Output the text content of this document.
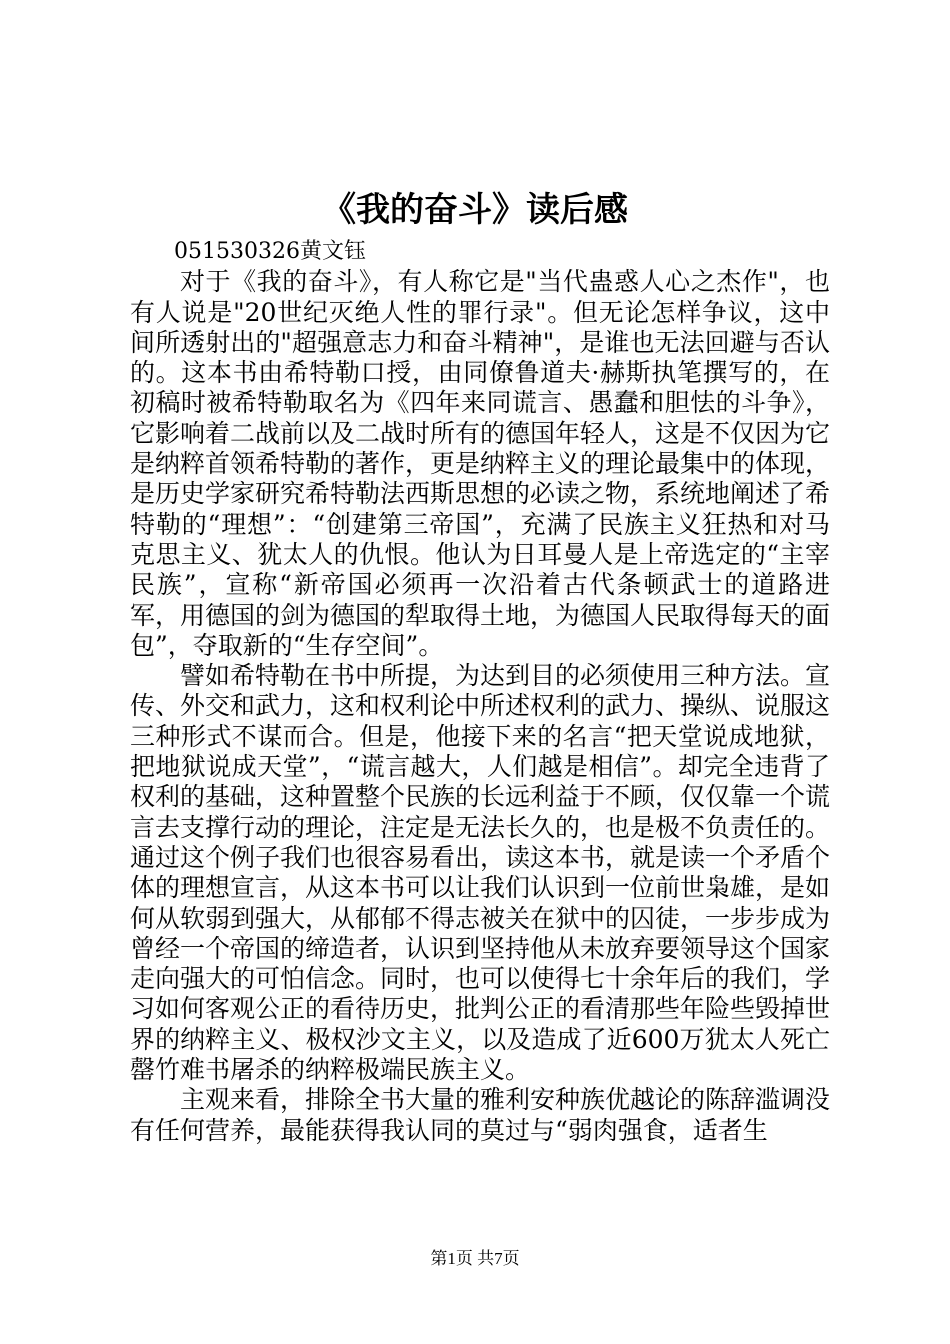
《我的奋斗》读后感

051530326黄文钰

对于《我的奋斗》，有人称它是"当代蛊惑人心之杰作"，也有人说是"20世纪灭绝人性的罪行录"。但无论怎样争议，这中间所透射出的"超强意志力和奋斗精神"，是谁也无法回避与否认的。这本书由希特勒口授，由同僚鲁道夫·赫斯执笔撰写的，在初稿时被希特勒取名为《四年来同谎言、愚蠢和胆怯的斗争》，它影响着二战前以及二战时所有的德国年轻人，这是不仅因为它是纳粹首领希特勒的著作，更是纳粹主义的理论最集中的体现，是历史学家研究希特勒法西斯思想的必读之物，系统地阐述了希特勒的“理想”：“创建第三帝国”，充满了民族主义狂热和对马克思主义、犹太人的仇恨。他认为日耳曼人是上帝选定的“主宰民族”，宣称“新帝国必须再一次沿着古代条顿武士的道路进军，用德国的剑为德国的犁取得土地，为德国人民取得每天的面包”，夺取新的“生存空间”。

譬如希特勒在书中所提，为达到目的必须使用三种方法。宣传、外交和武力，这和权利论中所述权利的武力、操纵、说服这三种形式不谋而合。但是，他接下来的名言“把天堂说成地狱，把地狱说成天堂”，“谎言越大，人们越是相信”。却完全违背了权利的基础，这种置整个民族的长远利益于不顾，仅仅靠一个谎言去支撑行动的理论，注定是无法长久的，也是极不负责任的。通过这个例子我们也很容易看出，读这本书，就是读一个矛盾个体的理想宣言，从这本书可以让我们认识到一位前世枭雄，是如何从软弱到强大，从郁郁不得志被关在狱中的囚徒，一步步成为曾经一个帝国的缔造者，认识到坚持他从未放弃要领导这个国家走向强大的可怕信念。同时，也可以使得七十余年后的我们，学习如何客观公正的看待历史，批判公正的看清那些年险些毁掉世界的纳粹主义、极权沙文主义，以及造成了近600万犹太人死亡罄竹难书屠杀的纳粹极端民族主义。

主观来看，排除全书大量的雅利安种族优越论的陈辞滥调没有任何营养，最能获得我认同的莫过与“弱肉强食，适者生

第1页 共7页
